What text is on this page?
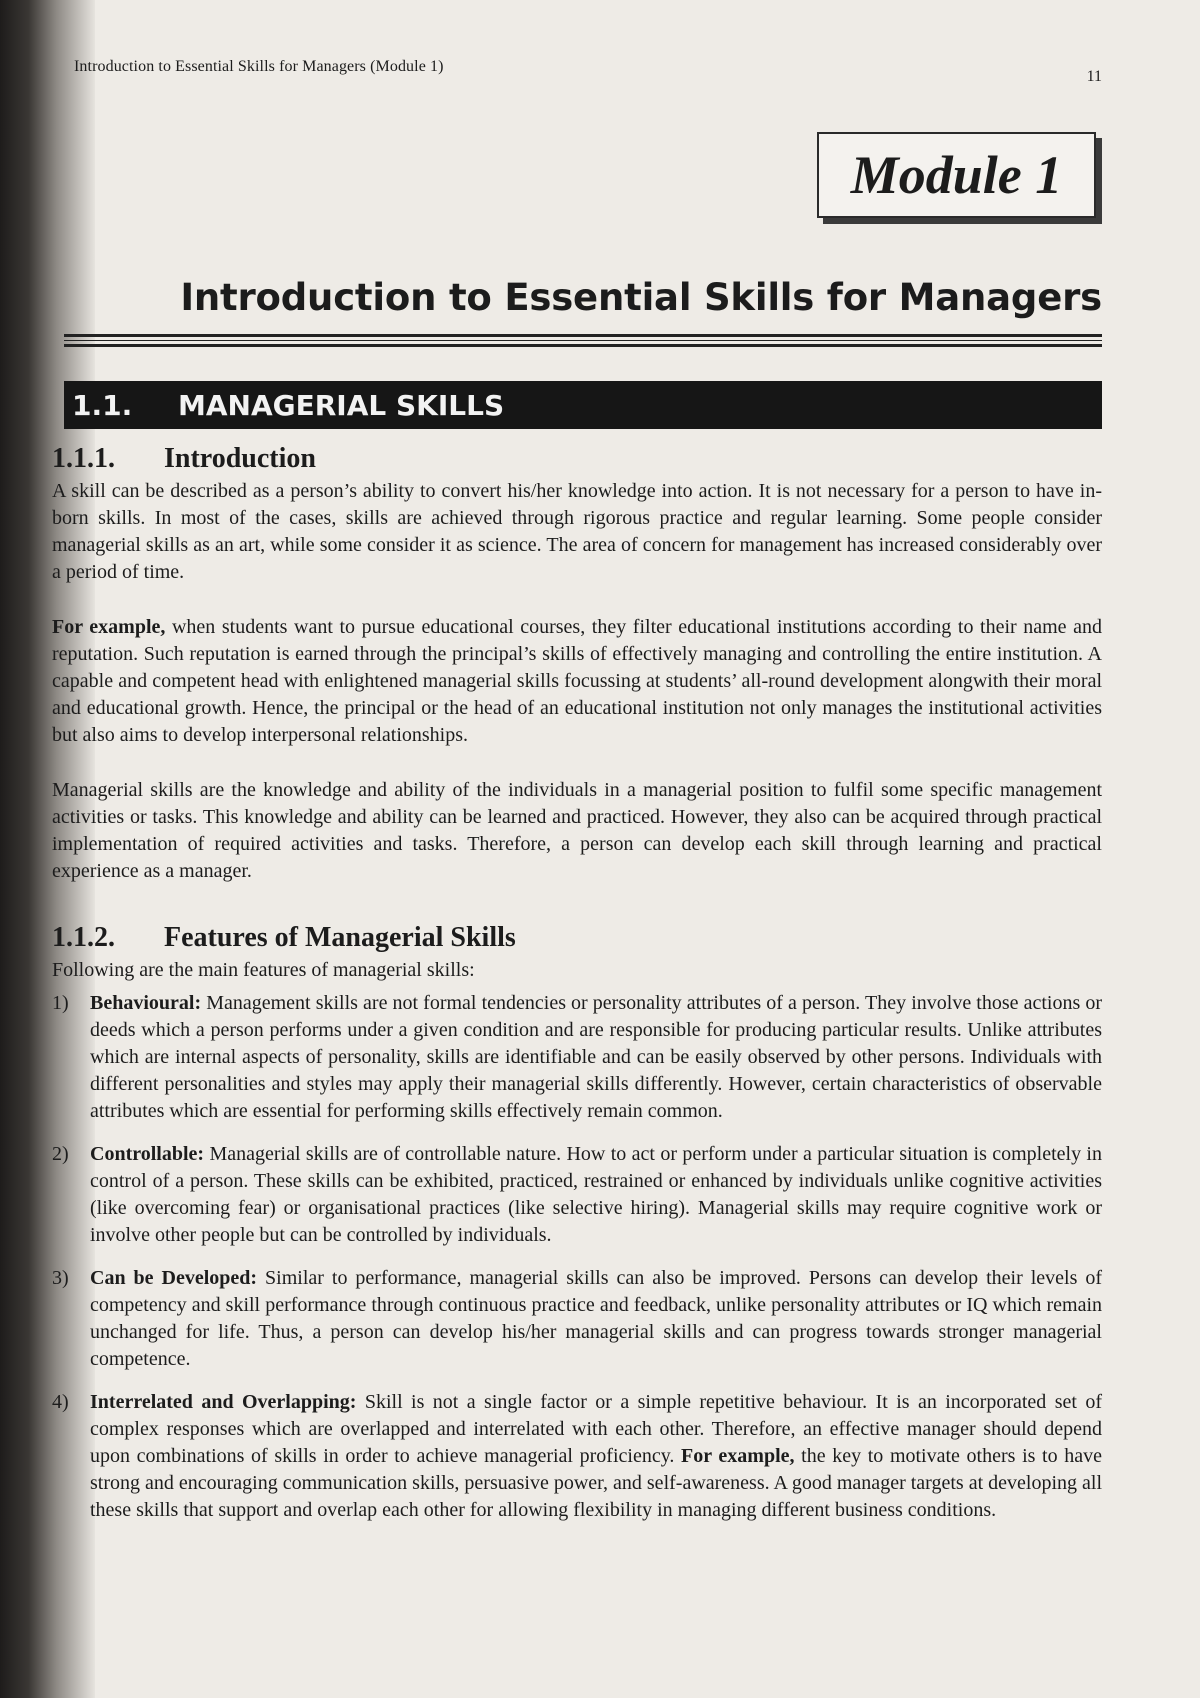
Introduction to Essential Skills for Managers (Module 1)
11
Module 1
Introduction to Essential Skills for Managers
1.1.	MANAGERIAL SKILLS
1.1.1. Introduction

A skill can be described as a person’s ability to convert his/her knowledge into action. It is not necessary for a person to have in-born skills. In most of the cases, skills are achieved through rigorous practice and regular learning. Some people consider managerial skills as an art, while some consider it as science. The area of concern for management has increased considerably over a period of time.

For example, when students want to pursue educational courses, they filter educational institutions according to their name and reputation. Such reputation is earned through the principal’s skills of effectively managing and controlling the entire institution. A capable and competent head with enlightened managerial skills focussing at students’ all-round development alongwith their moral and educational growth. Hence, the principal or the head of an educational institution not only manages the institutional activities but also aims to develop interpersonal relationships.

Managerial skills are the knowledge and ability of the individuals in a managerial position to fulfil some specific management activities or tasks. This knowledge and ability can be learned and practiced. However, they also can be acquired through practical implementation of required activities and tasks. Therefore, a person can develop each skill through learning and practical experience as a manager.

1.1.2. Features of Managerial Skills

Following are the main features of managerial skills:

1) Behavioural: Management skills are not formal tendencies or personality attributes of a person. They involve those actions or deeds which a person performs under a given condition and are responsible for producing particular results. Unlike attributes which are internal aspects of personality, skills are identifiable and can be easily observed by other persons. Individuals with different personalities and styles may apply their managerial skills differently. However, certain characteristics of observable attributes which are essential for performing skills effectively remain common.
2) Controllable: Managerial skills are of controllable nature. How to act or perform under a particular situation is completely in control of a person. These skills can be exhibited, practiced, restrained or enhanced by individuals unlike cognitive activities (like overcoming fear) or organisational practices (like selective hiring). Managerial skills may require cognitive work or involve other people but can be controlled by individuals.
3) Can be Developed: Similar to performance, managerial skills can also be improved. Persons can develop their levels of competency and skill performance through continuous practice and feedback, unlike personality attributes or IQ which remain unchanged for life. Thus, a person can develop his/her managerial skills and can progress towards stronger managerial competence.
4) Interrelated and Overlapping: Skill is not a single factor or a simple repetitive behaviour. It is an incorporated set of complex responses which are overlapped and interrelated with each other. Therefore, an effective manager should depend upon combinations of skills in order to achieve managerial proficiency. For example, the key to motivate others is to have strong and encouraging communication skills, persuasive power, and self-awareness. A good manager targets at developing all these skills that support and overlap each other for allowing flexibility in managing different business conditions.
